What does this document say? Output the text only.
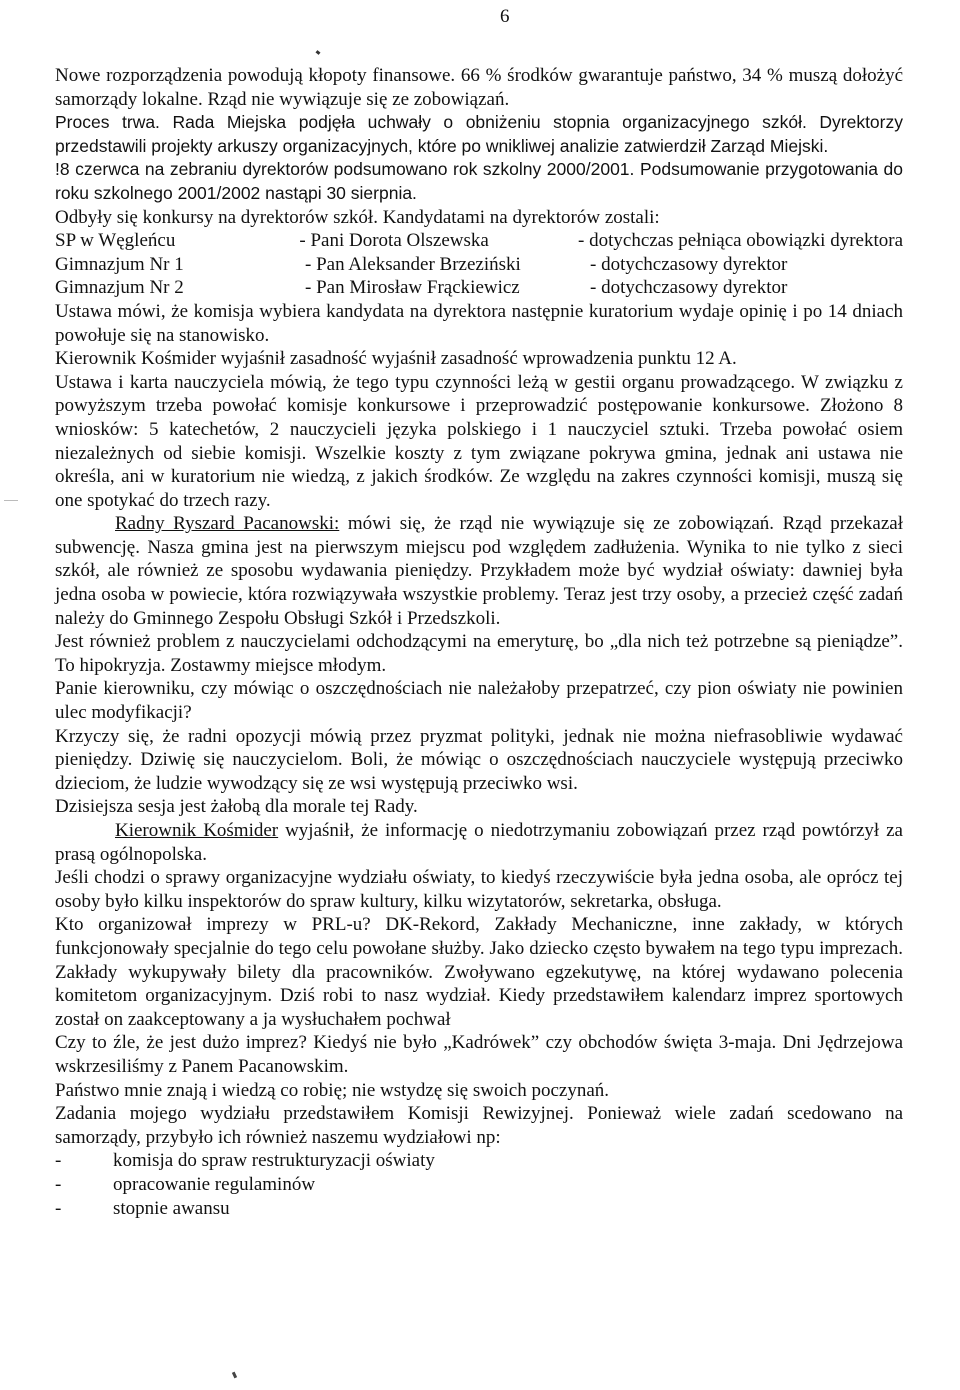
6

Nowe rozporządzenia powodują kłopoty finansowe. 66 % środków gwarantuje państwo, 34 % muszą dołożyć samorządy lokalne. Rząd nie wywiązuje się ze zobowiązań.

Proces trwa. Rada Miejska podjęła uchwały o obniżeniu stopnia organizacyjnego szkół. Dyrektorzy przedstawili projekty arkuszy organizacyjnych, które po wnikliwej analizie zatwierdził Zarząd Miejski.

!8 czerwca na zebraniu dyrektorów podsumowano rok szkolny 2000/2001. Podsumowanie przygotowania do roku szkolnego 2001/2002 nastąpi 30 sierpnia.

Odbyły się konkursy na dyrektorów szkół. Kandydatami na dyrektorów zostali:

SP w Węgleńcu	- Pani Dorota Olszewska	- dotychczas pełniąca obowiązki dyrektora
Gimnazjum Nr 1	- Pan Aleksander Brzeziński	- dotychczasowy dyrektor
Gimnazjum Nr 2	- Pan Mirosław Frąckiewicz	- dotychczasowy dyrektor

Ustawa mówi, że komisja wybiera kandydata na dyrektora następnie kuratorium wydaje opinię i po 14 dniach powołuje się na stanowisko.

Kierownik Kośmider wyjaśnił zasadność wyjaśnił zasadność wprowadzenia punktu 12 A.

Ustawa i karta nauczyciela mówią, że tego typu czynności leżą w gestii organu prowadzącego. W związku z powyższym trzeba powołać komisje konkursowe i przeprowadzić postępowanie konkursowe. Złożono 8 wniosków: 5 katechetów, 2 nauczycieli języka polskiego i 1 nauczyciel sztuki. Trzeba powołać osiem niezależnych od siebie komisji. Wszelkie koszty z tym związane pokrywa gmina, jednak ani ustawa nie określa, ani w kuratorium nie wiedzą, z jakich środków. Ze względu na zakres czynności komisji, muszą się one spotykać do trzech razy.

Radny Ryszard Pacanowski: mówi się, że rząd nie wywiązuje się ze zobowiązań. Rząd przekazał subwencję. Nasza gmina jest na pierwszym miejscu pod względem zadłużenia. Wynika to nie tylko z sieci szkół, ale również ze sposobu wydawania pieniędzy. Przykładem może być wydział oświaty: dawniej była jedna osoba w powiecie, która rozwiązywała wszystkie problemy. Teraz jest trzy osoby, a przecież część zadań należy do Gminnego Zespołu Obsługi Szkół i Przedszkoli.

Jest również problem z nauczycielami odchodzącymi na emeryturę, bo „dla nich też potrzebne są pieniądze”. To hipokryzja. Zostawmy miejsce młodym.

Panie kierowniku, czy mówiąc o oszczędnościach nie należałoby przepatrzeć, czy pion oświaty nie powinien ulec modyfikacji?

Krzyczy się, że radni opozycji mówią przez pryzmat polityki, jednak nie można niefrasobliwie wydawać pieniędzy. Dziwię się nauczycielom. Boli, że mówiąc o oszczędnościach nauczyciele występują przeciwko dzieciom, że ludzie wywodzący się ze wsi występują przeciwko wsi.

Dzisiejsza sesja jest żałobą dla morale tej Rady.

Kierownik Kośmider wyjaśnił, że informację o niedotrzymaniu zobowiązań przez rząd powtórzył za prasą ogólnopolska.

Jeśli chodzi o sprawy organizacyjne wydziału oświaty, to kiedyś rzeczywiście była jedna osoba, ale oprócz tej osoby było kilku inspektorów do spraw kultury, kilku wizytatorów, sekretarka, obsługa.

Kto organizował imprezy w PRL-u? DK-Rekord, Zakłady Mechaniczne, inne zakłady, w których funkcjonowały specjalnie do tego celu powołane służby. Jako dziecko często bywałem na tego typu imprezach. Zakłady wykupywały bilety dla pracowników. Zwoływano egzekutywę, na której wydawano polecenia komitetom organizacyjnym. Dziś robi to nasz wydział. Kiedy przedstawiłem kalendarz imprez sportowych został on zaakceptowany a ja wysłuchałem pochwał

Czy to źle, że jest dużo imprez? Kiedyś nie było „Kadrówek” czy obchodów święta 3-maja. Dni Jędrzejowa wskrzesiliśmy z Panem Pacanowskim.

Państwo mnie znają i wiedzą co robię; nie wstydzę się swoich poczynań.

Zadania mojego wydziału przedstawiłem Komisji Rewizyjnej. Ponieważ wiele zadań scedowano na samorządy, przybyło ich również naszemu wydziałowi np:

-	komisja do spraw restrukturyzacji oświaty
-	opracowanie regulaminów
-	stopnie awansu
